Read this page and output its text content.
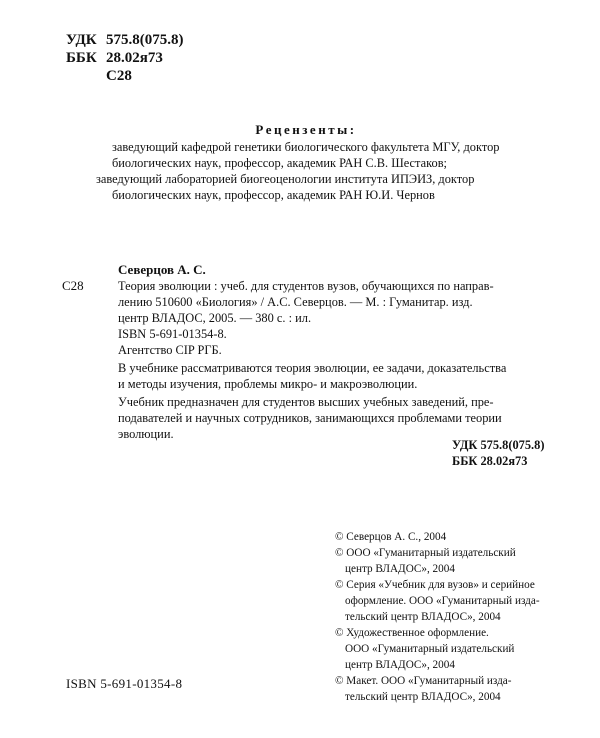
УДК 575.8(075.8)
ББК 28.02я73
С28
Рецензенты:
заведующий кафедрой генетики биологического факультета МГУ, доктор
биологических наук, профессор, академик РАН С.В. Шестаков;
заведующий лабораторией биогеоценологии института ИПЭИЗ, доктор
биологических наук, профессор, академик РАН Ю.И. Чернов
Северцов А. С.
С28	Теория эволюции : учеб. для студентов вузов, обучающихся по направ-
лению 510600 «Биология» / А.С. Северцов. — М. : Гуманитар. изд.
центр ВЛАДОС, 2005. — 380 с. : ил.
ISBN 5-691-01354-8.
Агентство CIP РГБ.
В учебнике рассматриваются теория эволюции, ее задачи, доказательства
и методы изучения, проблемы микро- и макроэволюции.
Учебник предназначен для студентов высших учебных заведений, пре-
подавателей и научных сотрудников, занимающихся проблемами теории
эволюции.
УДК 575.8(075.8)
ББК 28.02я73
© Северцов А. С., 2004
© ООО «Гуманитарный издательский
центр ВЛАДОС», 2004
© Серия «Учебник для вузов» и серийное
оформление. ООО «Гуманитарный изда-
тельский центр ВЛАДОС», 2004
© Художественное оформление.
ООО «Гуманитарный издательский
центр ВЛАДОС», 2004
© Макет. ООО «Гуманитарный изда-
тельский центр ВЛАДОС», 2004
ISBN 5-691-01354-8
